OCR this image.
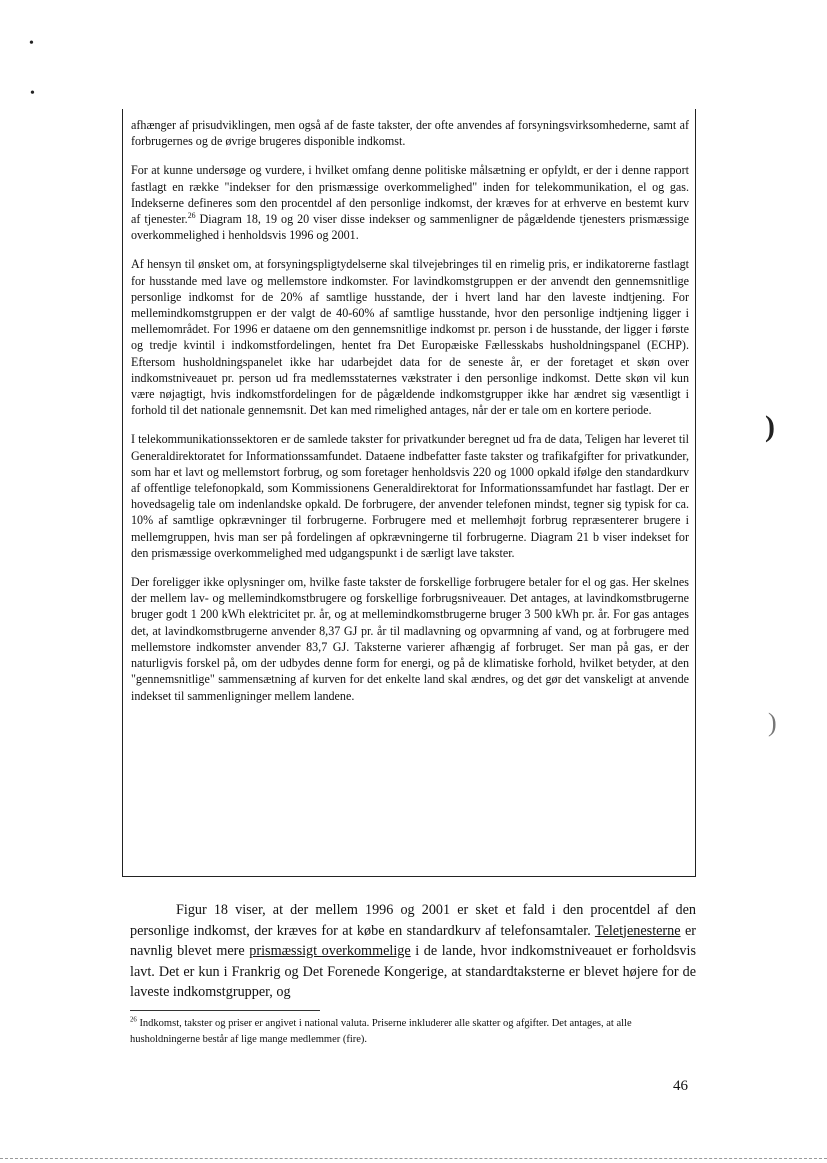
•
•
)
)

afhænger af prisudviklingen, men også af de faste takster, der ofte anvendes af forsyningsvirksomhederne, samt af forbrugernes og de øvrige brugeres disponible indkomst.

For at kunne undersøge og vurdere, i hvilket omfang denne politiske målsætning er opfyldt, er der i denne rapport fastlagt en række "indekser for den prismæssige overkommelighed" inden for telekommunikation, el og gas. Indekserne defineres som den procentdel af den personlige indkomst, der kræves for at erhverve en bestemt kurv af tjenester.$^{26}$ Diagram 18, 19 og 20 viser disse indekser og sammenligner de pågældende tjenesters prismæssige overkommelighed i henholdsvis 1996 og 2001.

Af hensyn til ønsket om, at forsyningspligtydelserne skal tilvejebringes til en rimelig pris, er indikatorerne fastlagt for husstande med lave og mellemstore indkomster. For lavindkomstgruppen er der anvendt den gennemsnitlige personlige indkomst for de 20% af samtlige husstande, der i hvert land har den laveste indtjening. For mellemindkomstgruppen er der valgt de 40-60% af samtlige husstande, hvor den personlige indtjening ligger i mellemområdet. For 1996 er dataene om den gennemsnitlige indkomst pr. person i de husstande, der ligger i første og tredje kvintil i indkomstfordelingen, hentet fra Det Europæiske Fællesskabs husholdningspanel (ECHP). Eftersom husholdningspanelet ikke har udarbejdet data for de seneste år, er der foretaget et skøn over indkomstniveauet pr. person ud fra medlemsstaternes vækstrater i den personlige indkomst. Dette skøn vil kun være nøjagtigt, hvis indkomstfordelingen for de pågældende indkomstgrupper ikke har ændret sig væsentligt i forhold til det nationale gennemsnit. Det kan med rimelighed antages, når der er tale om en kortere periode.

I telekommunikationssektoren er de samlede takster for privatkunder beregnet ud fra de data, Teligen har leveret til Generaldirektoratet for Informationssamfundet. Dataene indbefatter faste takster og trafikafgifter for privatkunder, som har et lavt og mellemstort forbrug, og som foretager henholdsvis 220 og 1000 opkald ifølge den standardkurv af offentlige telefonopkald, som Kommissionens Generaldirektorat for Informationssamfundet har fastlagt. Der er hovedsagelig tale om indenlandske opkald. De forbrugere, der anvender telefonen mindst, tegner sig typisk for ca. 10% af samtlige opkrævninger til forbrugerne. Forbrugere med et mellemhøjt forbrug repræsenterer brugere i mellemgruppen, hvis man ser på fordelingen af opkrævningerne til forbrugerne. Diagram 21 b viser indekset for den prismæssige overkommelighed med udgangspunkt i de særligt lave takster.

Der foreligger ikke oplysninger om, hvilke faste takster de forskellige forbrugere betaler for el og gas. Her skelnes der mellem lav- og mellemindkomstbrugere og forskellige forbrugsniveauer. Det antages, at lavindkomstbrugerne bruger godt 1 200 kWh elektricitet pr. år, og at mellemindkomstbrugerne bruger 3 500 kWh pr. år. For gas antages det, at lavindkomstbrugerne anvender 8,37 GJ pr. år til madlavning og opvarmning af vand, og at forbrugere med mellemstore indkomster anvender 83,7 GJ. Taksterne varierer afhængig af forbruget. Ser man på gas, er der naturligvis forskel på, om der udbydes denne form for energi, og på de klimatiske forhold, hvilket betyder, at den "gennemsnitlige" sammensætning af kurven for det enkelte land skal ændres, og det gør det vanskeligt at anvende indekset til sammenligninger mellem landene.

Figur 18 viser, at der mellem 1996 og 2001 er sket et fald i den procentdel af den personlige indkomst, der kræves for at købe en standardkurv af telefonsamtaler. Teletjenesterne er navnlig blevet mere prismæssigt overkommelige i de lande, hvor indkomstniveauet er forholdsvis lavt. Det er kun i Frankrig og Det Forenede Kongerige, at standardtaksterne er blevet højere for de laveste indkomstgrupper, og

$^{26}$ Indkomst, takster og priser er angivet i national valuta. Priserne inkluderer alle skatter og afgifter. Det antages, at alle husholdningerne består af lige mange medlemmer (fire).

46
